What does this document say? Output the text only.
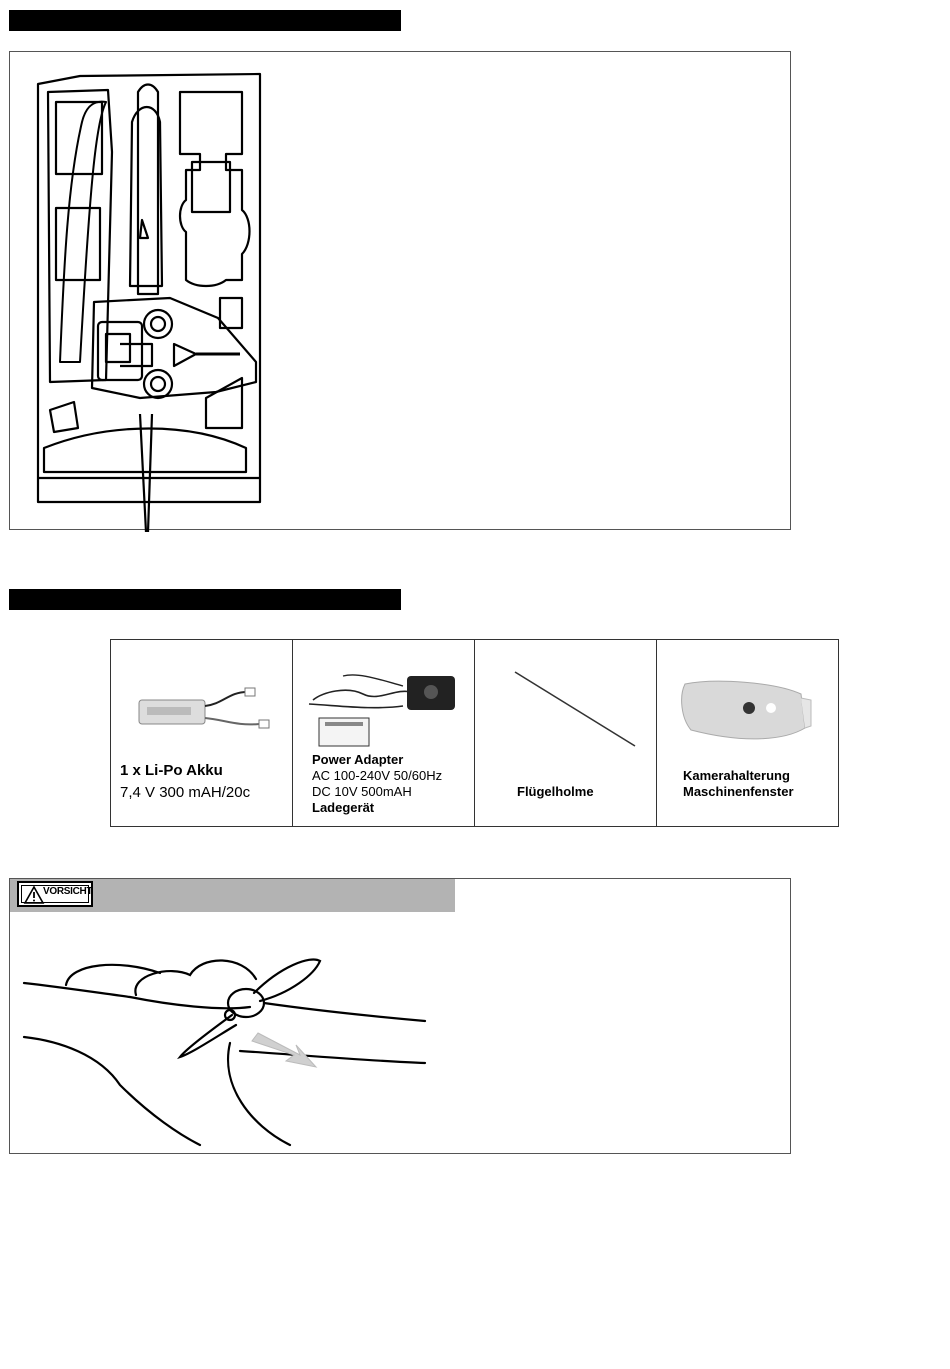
1 x Li-Po Akku
7,4 V 300 mAH/20c
Power Adapter
AC 100-240V 50/60Hz
DC 10V 500mAH
Ladegerät
Flügelholme
Kamerahalterung
Maschinenfenster
VORSICHT
